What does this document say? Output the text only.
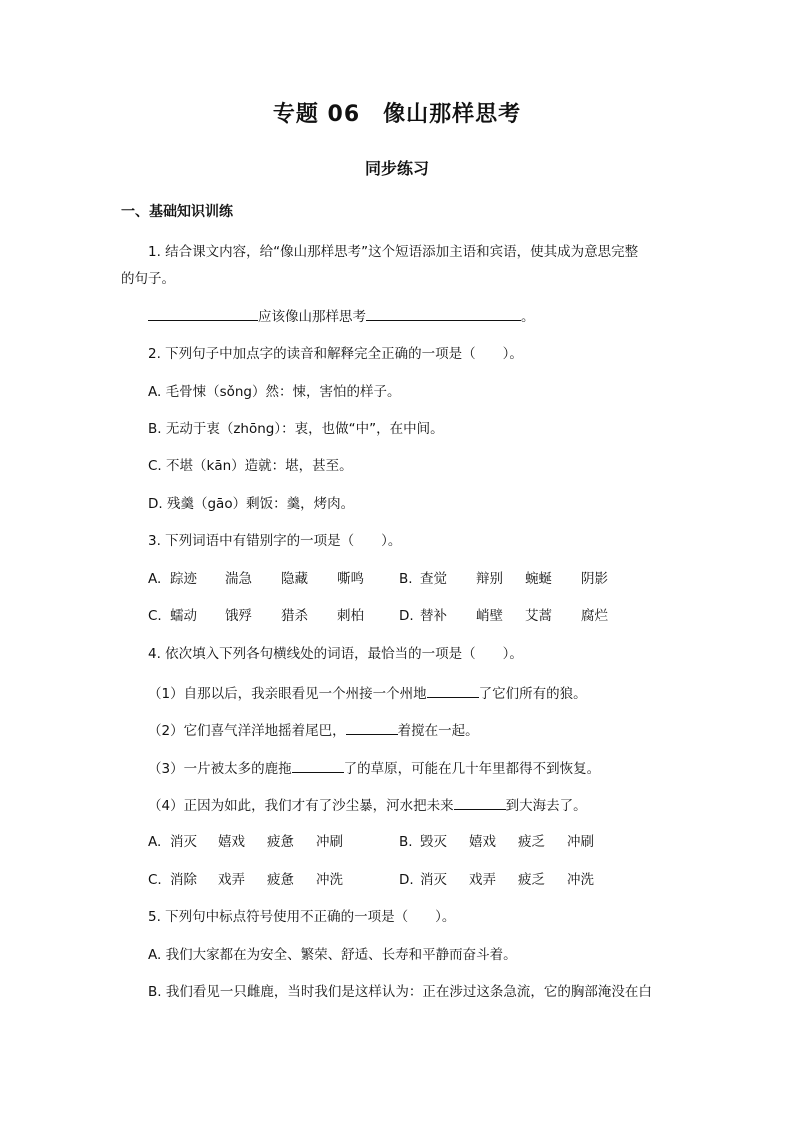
专题 06　像山那样思考
同步练习
一、基础知识训练
1. 结合课文内容，给“像山那样思考”这个短语添加主语和宾语，使其成为意思完整
的句子。
应该像山那样思考	。
2. 下列句子中加点字的读音和解释完全正确的一项是（　　）。
A. 毛骨悚（sǒng）然：悚，害怕的样子。
B. 无动于衷（zhōng）：衷，也做“中”，在中间。
C. 不堪（kān）造就：堪，甚至。
D. 残羹（gāo）剩饭：羹，烤肉。
3. 下列词语中有错别字的一项是（　　）。
A. 踪迹 湍急 隐藏 嘶鸣	B. 查觉 辩别 蜿蜒 阴影
C. 蠕动 饿殍 猎杀 刺柏	D. 替补 峭壁 艾蒿 腐烂
4. 依次填入下列各句横线处的词语，最恰当的一项是（　　）。
（1）自那以后，我亲眼看见一个州接一个州地	了它们所有的狼。
（2）它们喜气洋洋地摇着尾巴，	着搅在一起。
（3）一片被太多的鹿拖	了的草原，可能在几十年里都得不到恢复。
（4）正因为如此，我们才有了沙尘暴，河水把未来	到大海去了。
A. 消灭 嬉戏 疲惫 冲刷	B. 毁灭 嬉戏 疲乏 冲刷
C. 消除 戏弄 疲惫 冲洗	D. 消灭 戏弄 疲乏 冲洗
5. 下列句中标点符号使用不正确的一项是（　　）。
A. 我们大家都在为安全、繁荣、舒适、长寿和平静而奋斗着。
B. 我们看见一只雌鹿，当时我们是这样认为：正在涉过这条急流，它的胸部淹没在白
